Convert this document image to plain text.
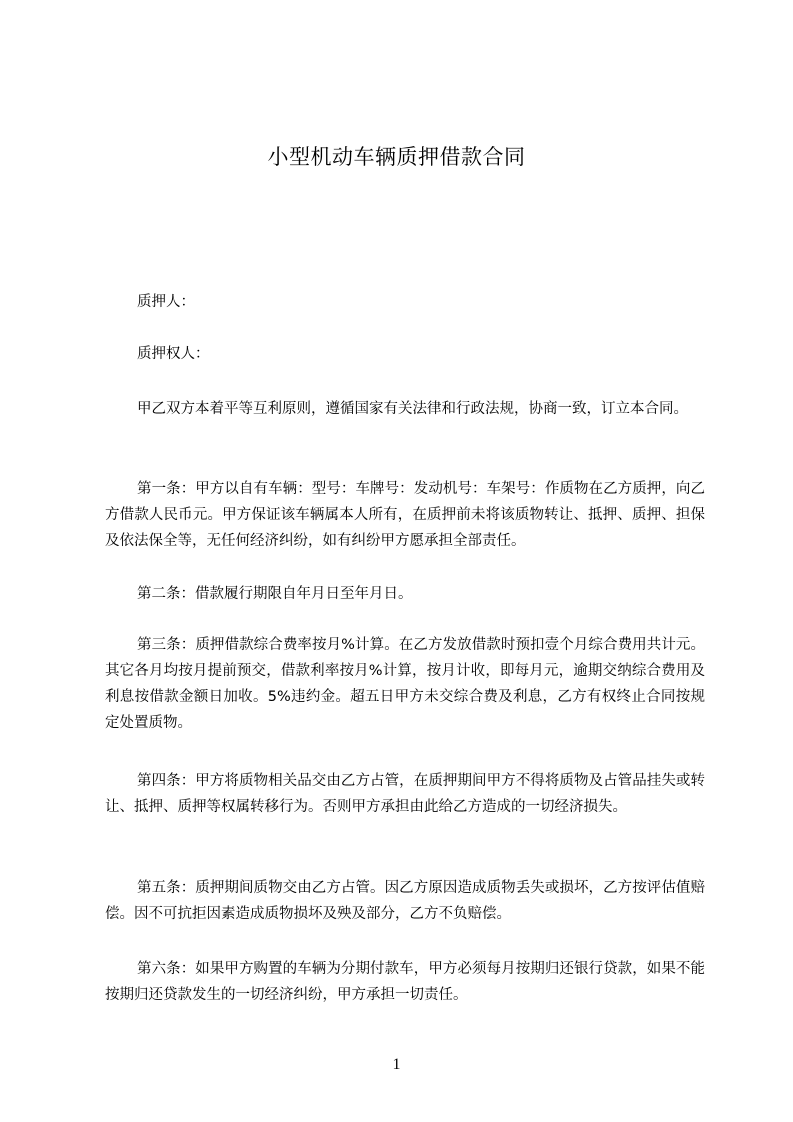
小型机动车辆质押借款合同

质押人：

质押权人：

甲乙双方本着平等互利原则，遵循国家有关法律和行政法规，协商一致，订立本合同。

第一条：甲方以自有车辆：型号：车牌号：发动机号：车架号：作质物在乙方质押，向乙方借款人民币元。甲方保证该车辆属本人所有，在质押前未将该质物转让、抵押、质押、担保及依法保全等，无任何经济纠纷，如有纠纷甲方愿承担全部责任。

第二条：借款履行期限自年月日至年月日。

第三条：质押借款综合费率按月%计算。在乙方发放借款时预扣壹个月综合费用共计元。其它各月均按月提前预交，借款利率按月%计算，按月计收，即每月元，逾期交纳综合费用及利息按借款金额日加收。5%违约金。超五日甲方未交综合费及利息，乙方有权终止合同按规定处置质物。

第四条：甲方将质物相关品交由乙方占管，在质押期间甲方不得将质物及占管品挂失或转让、抵押、质押等权属转移行为。否则甲方承担由此给乙方造成的一切经济损失。

第五条：质押期间质物交由乙方占管。因乙方原因造成质物丢失或损坏，乙方按评估值赔偿。因不可抗拒因素造成质物损坏及殃及部分，乙方不负赔偿。

第六条：如果甲方购置的车辆为分期付款车，甲方必须每月按期归还银行贷款，如果不能按期归还贷款发生的一切经济纠纷，甲方承担一切责任。

1
